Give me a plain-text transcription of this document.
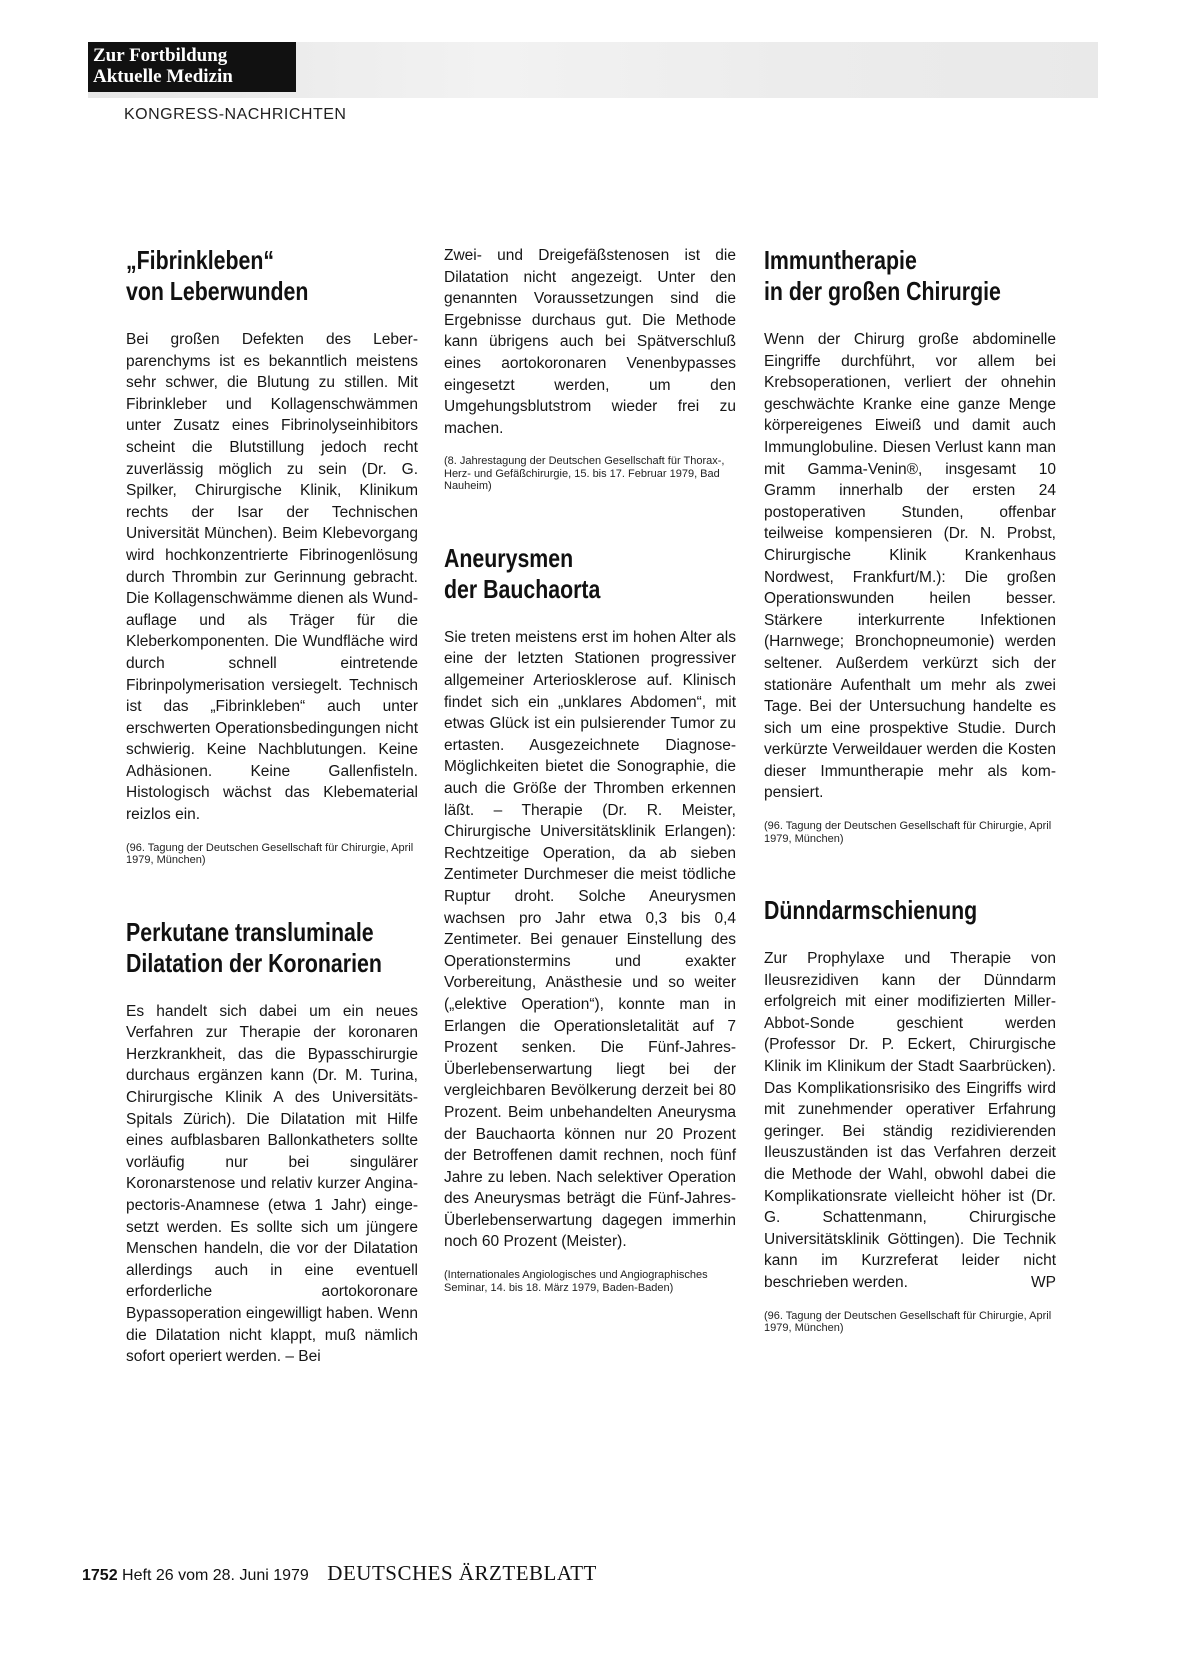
Zur Fortbildung
Aktuelle Medizin
KONGRESS-NACHRICHTEN
„Fibrinkleben“
von Leberwunden

Bei großen Defekten des Leberparenchyms ist es bekanntlich meistens sehr schwer, die Blutung zu stillen. Mit Fibrinkleber und Kollagenschwämmen unter Zusatz eines Fibrinolyseinhibitors scheint die Blutstillung jedoch recht zuverlässig möglich zu sein (Dr. G. Spilker, Chirurgische Klinik, Klinikum rechts der Isar der Technischen Universität München). Beim Klebevorgang wird hochkonzentrierte Fibrinogenlösung durch Thrombin zur Gerinnung gebracht. Die Kollagenschwämme dienen als Wundauflage und als Träger für die Kleberkomponenten. Die Wundfläche wird durch schnell eintretende Fibrinpolymerisation versiegelt. Technisch ist das „Fibrinkleben“ auch unter erschwerten Operationsbedingungen nicht schwierig. Keine Nachblutungen. Keine Adhäsionen. Keine Gallenfisteln. Histologisch wächst das Klebematerial reizlos ein.

(96. Tagung der Deutschen Gesellschaft für Chirurgie, April 1979, München)

Perkutane transluminale
Dilatation der Koronarien

Es handelt sich dabei um ein neues Verfahren zur Therapie der koronaren Herzkrankheit, das die Bypasschirurgie durchaus ergänzen kann (Dr. M. Turina, Chirurgische Klinik A des Universitäts-Spitals Zürich). Die Dilatation mit Hilfe eines aufblasbaren Ballonkatheters sollte vorläufig nur bei singulärer Koronarstenose und relativ kurzer Angina-pectoris-Anamnese (etwa 1 Jahr) eingesetzt werden. Es sollte sich um jüngere Menschen handeln, die vor der Dilatation allerdings auch in eine eventuell erforderliche aortokoronare Bypassoperation eingewilligt haben. Wenn die Dilatation nicht klappt, muß nämlich sofort operiert werden. – Bei

Zwei- und Dreigefäßstenosen ist die Dilatation nicht angezeigt. Unter den genannten Voraussetzungen sind die Ergebnisse durchaus gut. Die Methode kann übrigens auch bei Spätverschluß eines aortokoronaren Venenbypasses eingesetzt werden, um den Umgehungsblutstrom wieder frei zu machen.

(8. Jahrestagung der Deutschen Gesellschaft für Thorax-, Herz- und Gefäßchirurgie, 15. bis 17. Februar 1979, Bad Nauheim)

Aneurysmen
der Bauchaorta

Sie treten meistens erst im hohen Alter als eine der letzten Stationen progressiver allgemeiner Arteriosklerose auf. Klinisch findet sich ein „unklares Abdomen“, mit etwas Glück ist ein pulsierender Tumor zu ertasten. Ausgezeichnete Diagnose-Möglichkeiten bietet die Sonographie, die auch die Größe der Thromben erkennen läßt. – Therapie (Dr. R. Meister, Chirurgische Universitätsklinik Erlangen): Rechtzeitige Operation, da ab sieben Zentimeter Durchmeser die meist tödliche Ruptur droht. Solche Aneurysmen wachsen pro Jahr etwa 0,3 bis 0,4 Zentimeter. Bei genauer Einstellung des Operationstermins und exakter Vorbereitung, Anästhesie und so weiter („elektive Operation“), konnte man in Erlangen die Operationsletalität auf 7 Prozent senken. Die Fünf-Jahres-Überlebenserwartung liegt bei der vergleichbaren Bevölkerung derzeit bei 80 Prozent. Beim unbehandelten Aneurysma der Bauchaorta können nur 20 Prozent der Betroffenen damit rechnen, noch fünf Jahre zu leben. Nach selektiver Operation des Aneurysmas beträgt die Fünf-Jahres-Überlebenserwartung dagegen immerhin noch 60 Prozent (Meister).

(Internationales Angiologisches und Angiographisches Seminar, 14. bis 18. März 1979, Baden-Baden)

Immuntherapie
in der großen Chirurgie

Wenn der Chirurg große abdominelle Eingriffe durchführt, vor allem bei Krebsoperationen, verliert der ohnehin geschwächte Kranke eine ganze Menge körpereigenes Eiweiß und damit auch Immunglobuline. Diesen Verlust kann man mit Gamma-Venin®, insgesamt 10 Gramm innerhalb der ersten 24 postoperativen Stunden, offenbar teilweise kompensieren (Dr. N. Probst, Chirurgische Klinik Krankenhaus Nordwest, Frankfurt/M.): Die großen Operationswunden heilen besser. Stärkere interkurrente Infektionen (Harnwege; Bronchopneumonie) werden seltener. Außerdem verkürzt sich der stationäre Aufenthalt um mehr als zwei Tage. Bei der Untersuchung handelte es sich um eine prospektive Studie. Durch verkürzte Verweildauer werden die Kosten dieser Immuntherapie mehr als kompensiert.

(96. Tagung der Deutschen Gesellschaft für Chirurgie, April 1979, München)

Dünndarmschienung

Zur Prophylaxe und Therapie von Ileusrezidiven kann der Dünndarm erfolgreich mit einer modifizierten Miller-Abbot-Sonde geschient werden (Professor Dr. P. Eckert, Chirurgische Klinik im Klinikum der Stadt Saarbrücken). Das Komplikationsrisiko des Eingriffs wird mit zunehmender operativer Erfahrung geringer. Bei ständig rezidivierenden Ileuszuständen ist das Verfahren derzeit die Methode der Wahl, obwohl dabei die Komplikationsrate vielleicht höher ist (Dr. G. Schattenmann, Chirurgische Universitätsklinik Göttingen). Die Technik kann im Kurzreferat leider nicht beschrieben werden.	WP

(96. Tagung der Deutschen Gesellschaft für Chirurgie, April 1979, München)

1752 Heft 26 vom 28. Juni 1979 DEUTSCHES ÄRZTEBLATT
